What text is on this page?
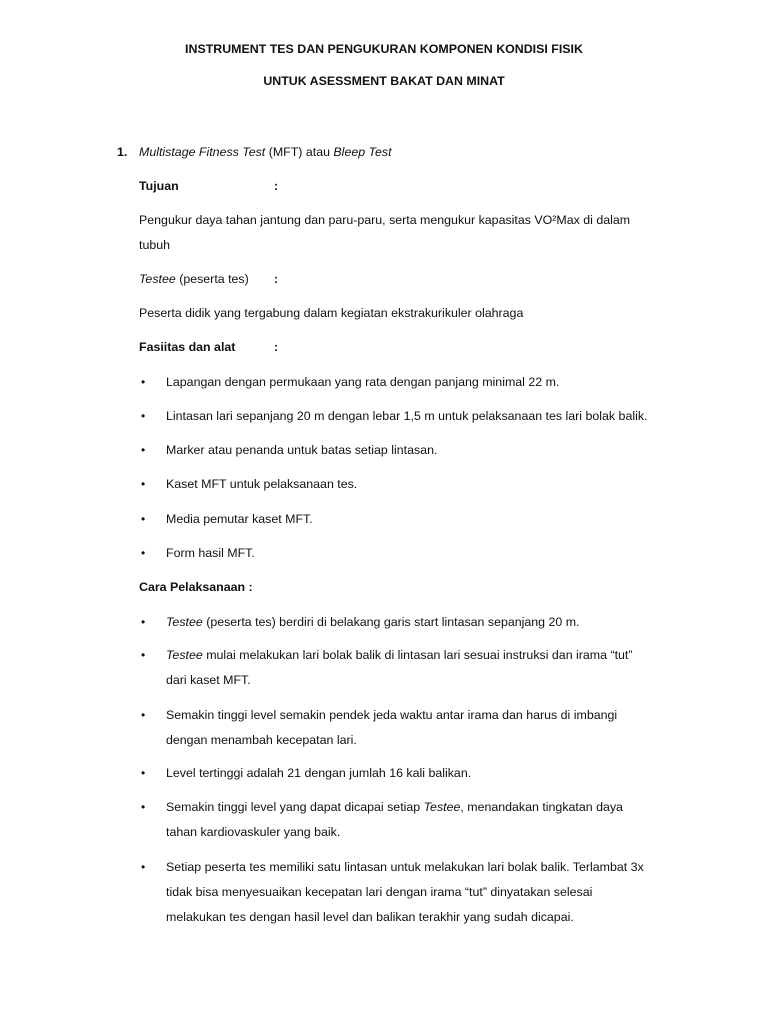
INSTRUMENT TES DAN PENGUKURAN KOMPONEN KONDISI FISIK
UNTUK ASESSMENT BAKAT DAN MINAT
1. Multistage Fitness Test (MFT) atau Bleep Test
Tujuan	:
Pengukur daya tahan jantung dan paru-paru, serta mengukur kapasitas VO²Max di dalam
tubuh
Testee (peserta tes) :
Peserta didik yang tergabung dalam kegiatan ekstrakurikuler olahraga
Fasiitas dan alat	:
• Lapangan dengan permukaan yang rata dengan panjang minimal 22 m.
• Lintasan lari sepanjang 20 m dengan lebar 1,5 m untuk pelaksanaan tes lari bolak balik.
• Marker atau penanda untuk batas setiap lintasan.
• Kaset MFT untuk pelaksanaan tes.
• Media pemutar kaset MFT.
• Form hasil MFT.
Cara Pelaksanaan :
• Testee (peserta tes) berdiri di belakang garis start lintasan sepanjang 20 m.
• Testee mulai melakukan lari bolak balik di lintasan lari sesuai instruksi dan irama “tut”
dari kaset MFT.
• Semakin tinggi level semakin pendek jeda waktu antar irama dan harus di imbangi
dengan menambah kecepatan lari.
• Level tertinggi adalah 21 dengan jumlah 16 kali balikan.
• Semakin tinggi level yang dapat dicapai setiap Testee, menandakan tingkatan daya
tahan kardiovaskuler yang baik.
• Setiap peserta tes memiliki satu lintasan untuk melakukan lari bolak balik. Terlambat 3x
tidak bisa menyesuaikan kecepatan lari dengan irama “tut” dinyatakan selesai
melakukan tes dengan hasil level dan balikan terakhir yang sudah dicapai.
